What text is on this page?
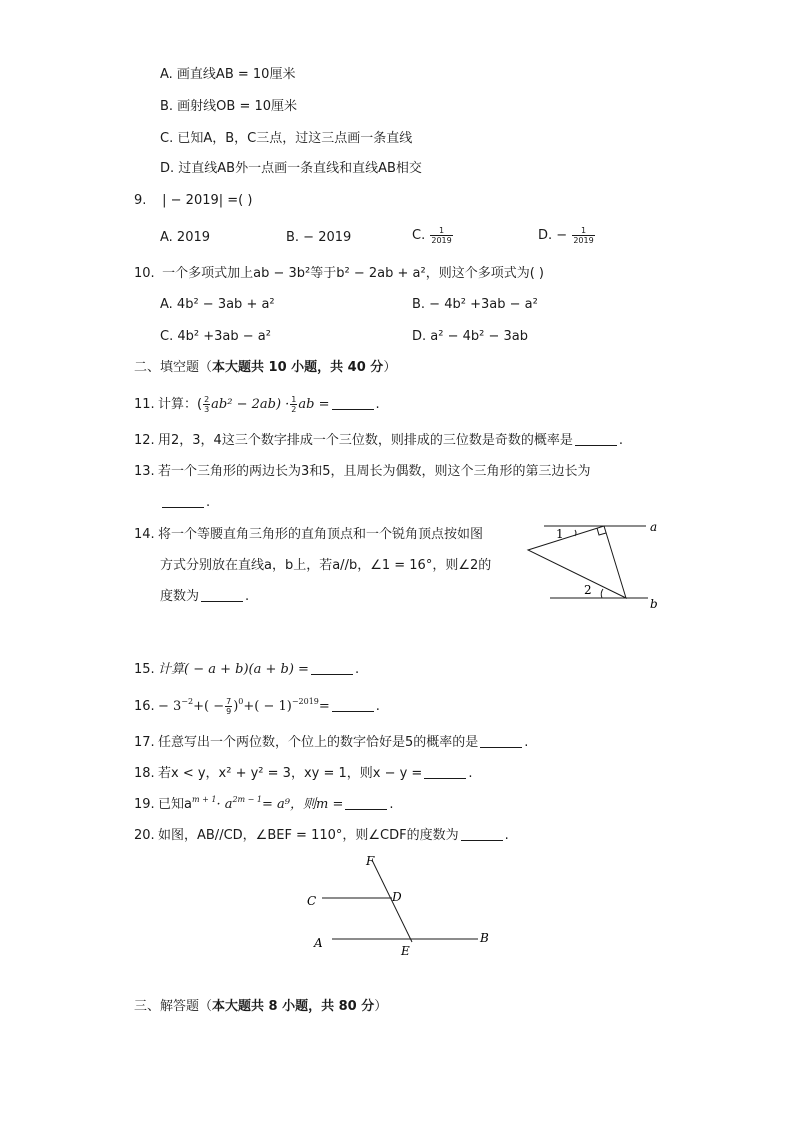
A. 画直线AB = 10厘米
B. 画射线OB = 10厘米
C. 已知A，B，C三点，过这三点画一条直线
D. 过直线AB外一点画一条直线和直线AB相交
9. | − 2019| =( )
A. 2019	B. − 2019	C. $\frac{1}{2019}$	D. − $\frac{1}{2019}$
10. 一个多项式加上ab − 3b²等于b² − 2ab + a²，则这个多项式为( )
A. 4b² − 3ab + a²	B. − 4b² +3ab − a²
C. 4b² +3ab − a²	D. a² − 4b² − 3ab
二、填空题（本大题共 10 小题，共 40 分）
11. 计算：( $\frac{2}{3} ab^2 - 2ab) \cdot \frac{1}{2}$ ab =	.
12. 用2，3，4这三个数字排成一个三位数，则排成的三位数是奇数的概率是	.
13. 若一个三角形的两边长为3和5，且周长为偶数，则这个三角形的第三边长为
.
14. 将一个等腰直角三角形的直角顶点和一个锐角顶点按如图
方式分别放在直线a，b上，若a//b，∠1 = 16°，则∠2的
度数为	.
1
2
a
b
15. 计算( − a + b)(a + b) =	.
16. − $3^{-2}+( - \frac{7}{9} )^0+( - 1)^{-2019}=$	.
17. 任意写出一个两位数，个位上的数字恰好是5的概率的是	.
18. 若x < y，x² + y² = 3，xy = 1，则x − y =	.
19. 已知$a^{m + 1}\cdot a^{2m - 1}= a^9$，则m =	.
20. 如图，AB//CD，∠BEF = 110°，则∠CDF的度数为	.
F
C	D
A
E
B
三、解答题（本大题共 8 小题，共 80 分）
